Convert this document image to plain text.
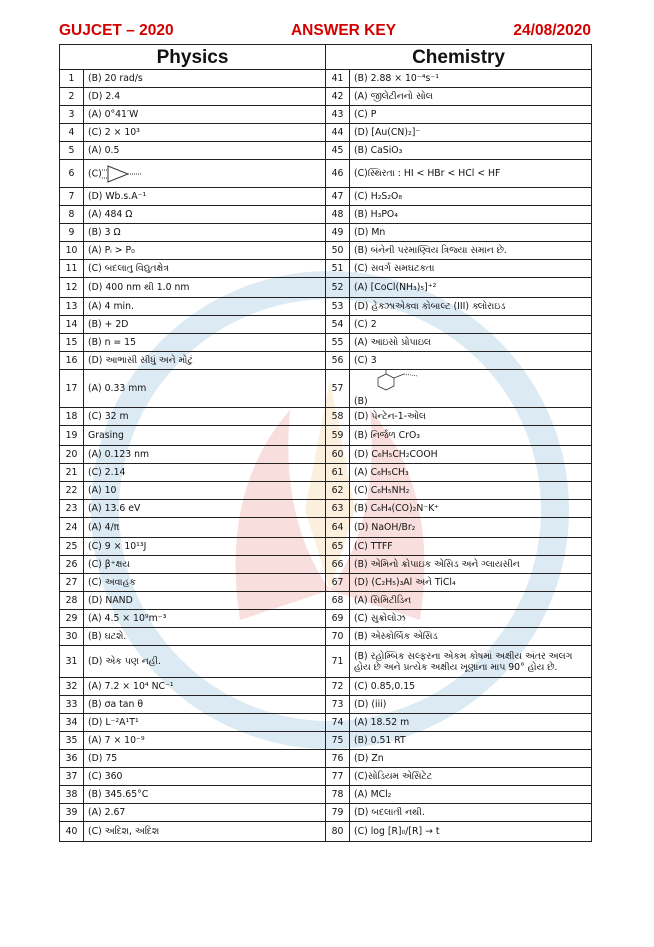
GUJCET – 2020	ANSWER KEY	24/08/2020
Physics		Chemistry	
1	(B) 20 rad/s	41	(B) 2.88 × 10⁻⁴s⁻¹
2	(D) 2.4	42	(A) જીલેટીનનો સોલ
3	(A) 0°41′W	43	(C) P
4	(C) 2 × 10³	44	(D) [Au(CN)₂]⁻
5	(A) 0.5	45	(B) CaSiO₃
6	(C)	46	(C)સ્થિરતા : HI < HBr < HCl < HF
7	(D) Wb.s.A⁻¹	47	(C) H₂S₂O₈
8	(A) 484 Ω	48	(B) H₃PO₄
9	(B) 3 Ω	49	(D) Mn
10	(A) Pᵢ > P₀	50	(B) બંનેની પરમાણ્વિય ત્રિજ્યા સમાન છે.
11	(C) બદલાતુ વિદ્યુતક્ષેત્ર	51	(C) સવર્ગ સમઘટકતા
12	(D) 400 nm થી 1.0 nm	52	(A) [CoCl(NH₃)₅]⁺²
13	(A) 4 min.	53	(D) હેક્ઝાએક્વા કોબાલ્ટ (III) ક્લોરાઇડ
14	(B) + 2D	54	(C) 2
15	(B) n = 15	55	(A) આઇસો પ્રોપાઇલ
16	(D) આભાસી સીધું અને મોટું	56	(C) 3
17	(A) 0.33 mm	57	(B)
18	(C) 32 m	58	(D) પેન્ટેન-1-ઓલ
19	Grasing	59	(B) નિર્જળ CrO₃
20	(A) 0.123 nm	60	(D) C₆H₅CH₂COOH
21	(C) 2.14	61	(A) C₆H₅CH₃
22	(A) 10	62	(C) C₆H₅NH₂
23	(A) 13.6 eV	63	(B) C₆H₄(CO)₂N⁻K⁺
24	(A) 4/π	64	(D) NaOH/Br₂
25	(C) 9 × 10¹³J	65	(C) TTFF
26	(C) β⁺ક્ષય	66	(B) એમિનો ક્રોપાઇક એસિડ અને ગ્લાયસીન
27	(C) અવાહક	67	(D) (C₂H₅)₃Al અને TiCl₄
28	(D) NAND	68	(A) સિમિટીડિન
29	(A) 4.5 × 10⁹m⁻³	69	(C) સુક્રોલોઝ
30	(B) ઘટશે.	70	(B) એસ્કોર્બિક એસિડ
31	(D) એક પણ નહી.	71	(B) રહોમ્બિક સલ્ફરના એકમ કોષમાં અક્ષીય અંતર અલગ હોય છે અને પ્રત્યેક અક્ષીય ખૂણાના માપ 90° હોય છે.
32	(A) 7.2 × 10⁴ NC⁻¹	72	(C) 0.85,0.15
33	(B) σa tan θ	73	(D) (iii)
34	(D) L⁻²A¹T¹	74	(A) 18.52 m
35	(A) 7 × 10⁻⁹	75	(B) 0.51 RT
36	(D) 75	76	(D) Zn
37	(C) 360	77	(C)સોડિયમ એસિટેટ
38	(B) 345.65°C	78	(A) MCl₂
39	(A) 2.67	79	(D) બદલાતી નથી.
40	(C) અદિશ, અદિશ	80	(C) log [R]₀/[R] → t
